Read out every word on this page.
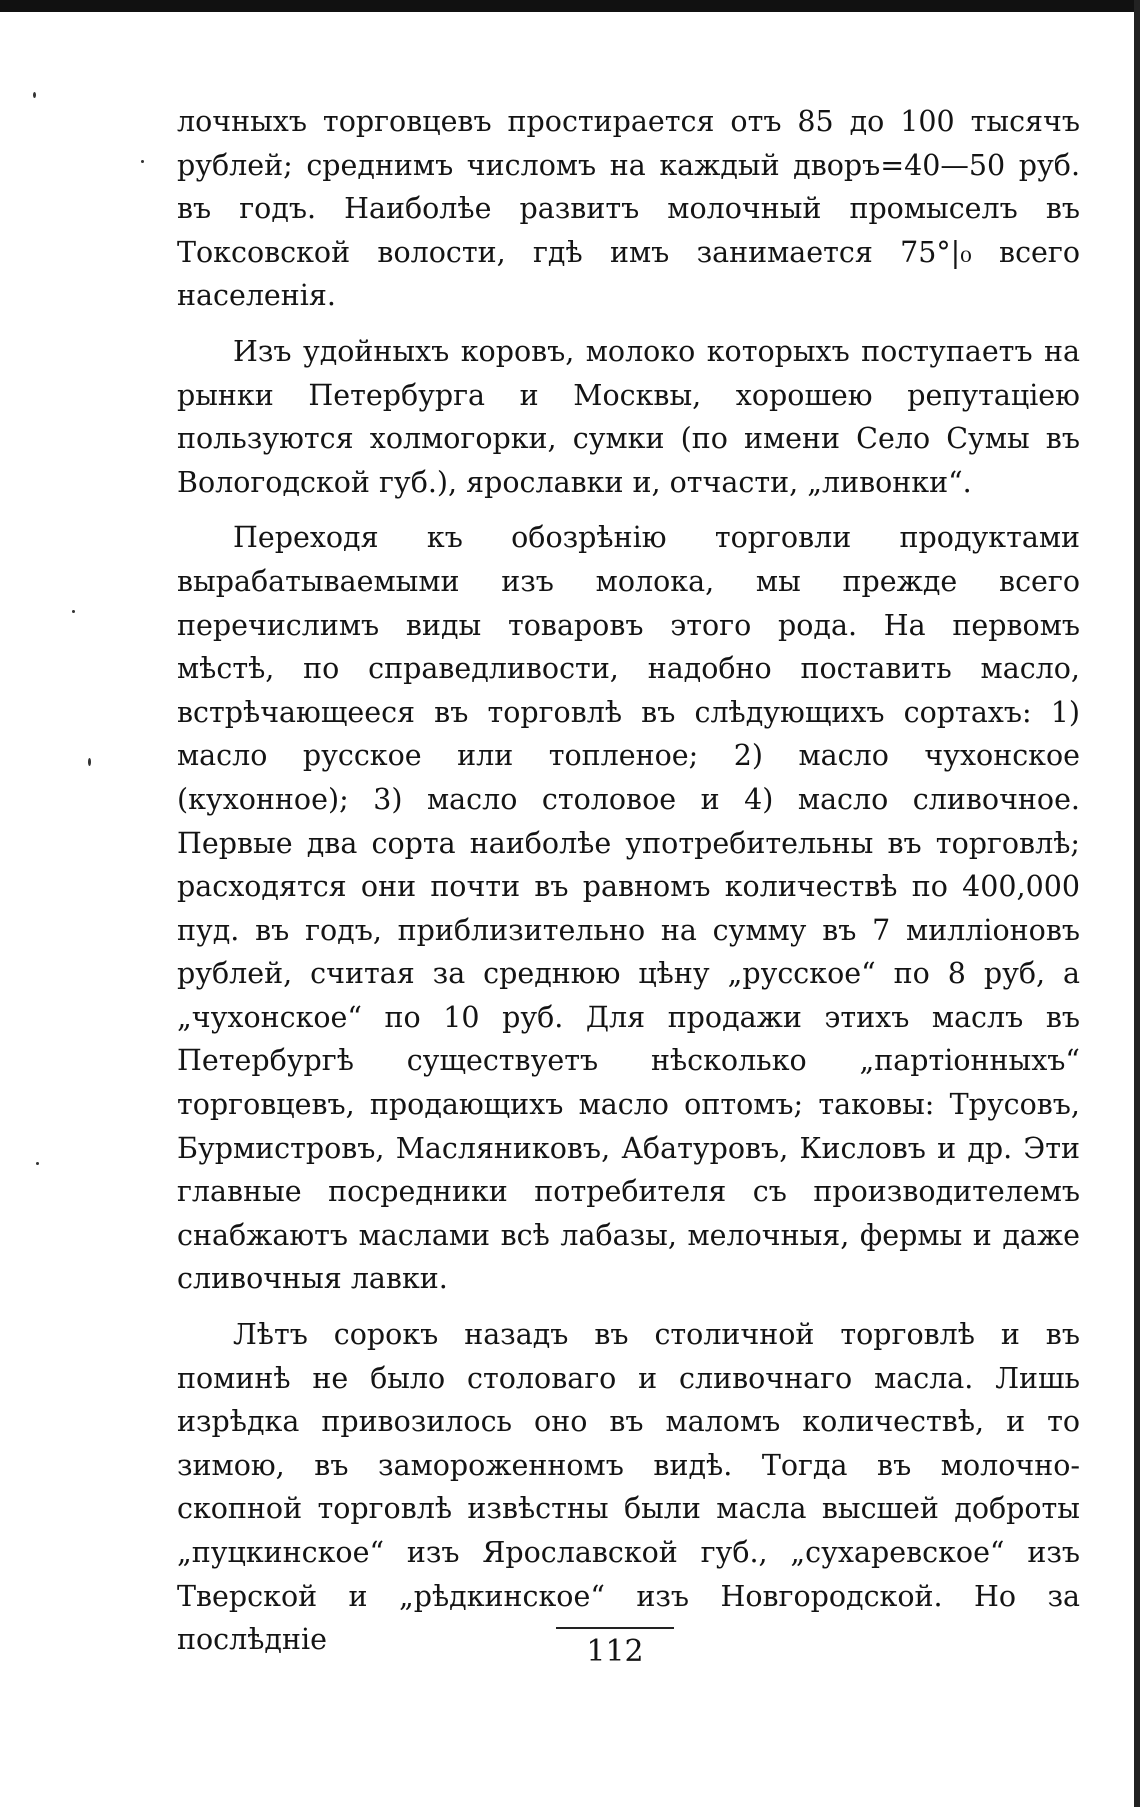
лочныхъ торговцевъ простирается отъ 85 до 100 тысячъ рублей; среднимъ числомъ на каждый дворъ=40—50 руб. въ годъ. Наиболѣе развитъ молочный промыселъ въ Токсовской волости, гдѣ имъ занимается 75°|₀ всего населенія.

Изъ удойныхъ коровъ, молоко которыхъ поступаетъ на рынки Петербурга и Москвы, хорошею репутаціею пользуются холмогорки, сумки (по имени Село Сумы въ Вологодской губ.), ярославки и, отчасти, „ливонки“.

Переходя къ обозрѣнію торговли продуктами вырабатываемыми изъ молока, мы прежде всего перечислимъ виды товаровъ этого рода. На первомъ мѣстѣ, по справедливости, надобно поставить масло, встрѣчающееся въ торговлѣ въ слѣдующихъ сортахъ: 1) масло русское или топленое; 2) масло чухонское (кухонное); 3) масло столовое и 4) масло сливочное. Первые два сорта наиболѣе употребительны въ торговлѣ; расходятся они почти въ равномъ количествѣ по 400,000 пуд. въ годъ, приблизительно на сумму въ 7 милліоновъ рублей, считая за среднюю цѣну „русское“ по 8 руб, а „чухонское“ по 10 руб. Для продажи этихъ маслъ въ Петербургѣ существуетъ нѣсколько „партіонныхъ“ торговцевъ, продающихъ масло оптомъ; таковы: Трусовъ, Бурмистровъ, Масляниковъ, Абатуровъ, Кисловъ и др. Эти главные посредники потребителя съ производителемъ снабжаютъ маслами всѣ лабазы, мелочныя, фермы и даже сливочныя лавки.

Лѣтъ сорокъ назадъ въ столичной торговлѣ и въ поминѣ не было столоваго и сливочнаго масла. Лишь изрѣдка привозилось оно въ маломъ количествѣ, и то зимою, въ замороженномъ видѣ. Тогда въ молочно-скопной торговлѣ извѣстны были масла высшей доброты „пуцкинское“ изъ Ярославской губ., „сухаревское“ изъ Тверской и „рѣдкинское“ изъ Новгородской. Но за послѣдніе	112
